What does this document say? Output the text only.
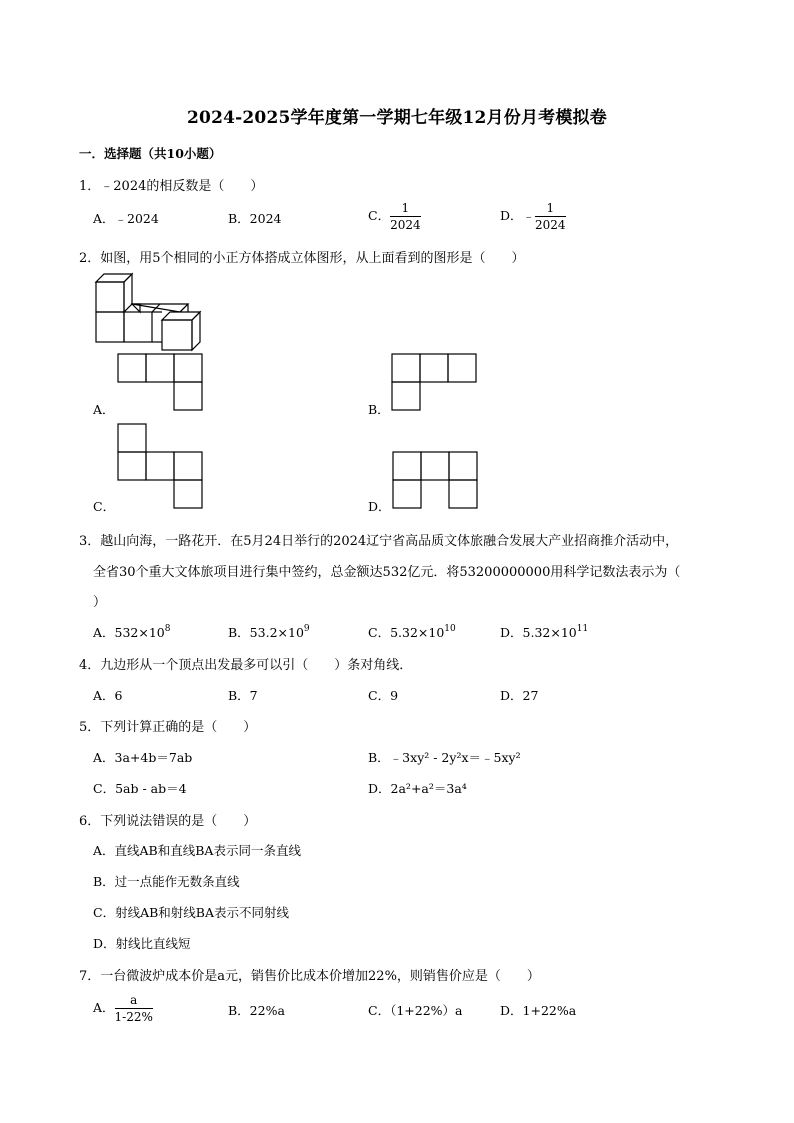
2024-2025学年度第一学期七年级12月份月考模拟卷
一．选择题（共10小题）
1．﹣2024的相反数是（　　）
A．﹣2024	B．2024	C． $\frac{1}{2024}$	D．﹣ $\frac{1}{2024}$
2．如图，用5个相同的小正方体搭成立体图形，从上面看到的图形是（　　）
A．	B．
C．	D．
3．越山向海，一路花开．在5月24日举行的2024辽宁省高品质文体旅融合发展大产业招商推介活动中，
全省30个重大文体旅项目进行集中签约，总金额达532亿元．将53200000000用科学记数法表示为（
）
A．$532\times 10^8$	B．$53.2\times 10^9$	C．$5.32\times 10^{10}$	D．$5.32\times 10^{11}$
4．九边形从一个顶点出发最多可以引（　　）条对角线．
A．6	B．7	C．9	D．27
5．下列计算正确的是（　　）
A．3a+4b＝7ab	B．﹣3xy² - 2y²x＝﹣5xy²
C．5ab - ab＝4	D．2a²+a²＝3a⁴
6．下列说法错误的是（　　）
A．直线AB和直线BA表示同一条直线
B．过一点能作无数条直线
C．射线AB和射线BA表示不同射线
D．射线比直线短
7．一台微波炉成本价是a元，销售价比成本价增加22%，则销售价应是（　　）
A． $\frac{a}{1-22\%}$	B．22%a	C．（1+22%）a	D．1+22%a
